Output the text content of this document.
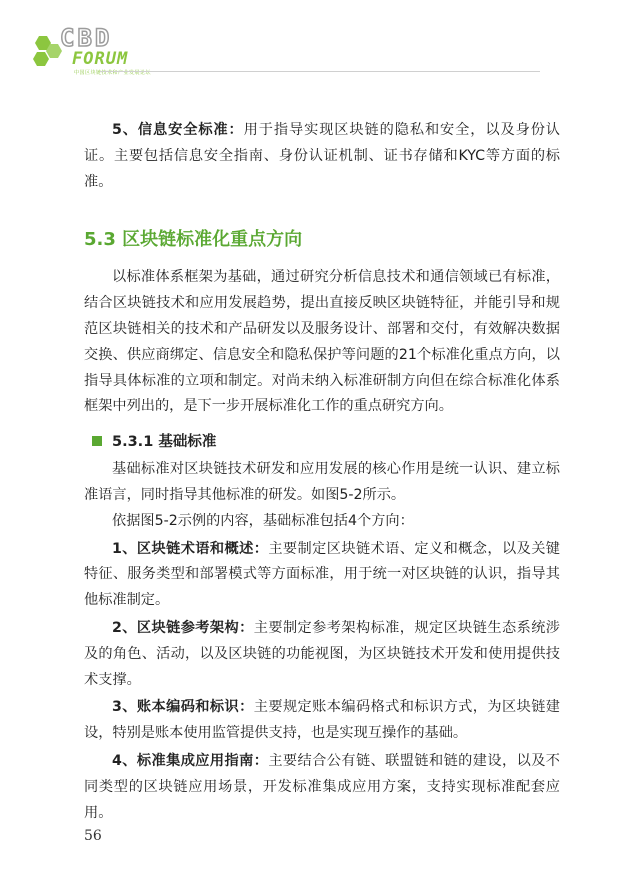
CBD
FORUM
中国区块链技术和产业发展论坛

5、信息安全标准：用于指导实现区块链的隐私和安全，以及身份认证。主要包括信息安全指南、身份认证机制、证书存储和KYC等方面的标准。

5.3 区块链标准化重点方向

以标准体系框架为基础，通过研究分析信息技术和通信领域已有标准，结合区块链技术和应用发展趋势，提出直接反映区块链特征，并能引导和规范区块链相关的技术和产品研发以及服务设计、部署和交付，有效解决数据交换、供应商绑定、信息安全和隐私保护等问题的21个标准化重点方向，以指导具体标准的立项和制定。对尚未纳入标准研制方向但在综合标准化体系框架中列出的，是下一步开展标准化工作的重点研究方向。

5.3.1 基础标准

基础标准对区块链技术研发和应用发展的核心作用是统一认识、建立标准语言，同时指导其他标准的研发。如图5-2所示。

依据图5-2示例的内容，基础标准包括4个方向：

1、区块链术语和概述：主要制定区块链术语、定义和概念，以及关键特征、服务类型和部署模式等方面标准，用于统一对区块链的认识，指导其他标准制定。

2、区块链参考架构：主要制定参考架构标准，规定区块链生态系统涉及的角色、活动，以及区块链的功能视图，为区块链技术开发和使用提供技术支撑。

3、账本编码和标识：主要规定账本编码格式和标识方式，为区块链建设，特别是账本使用监管提供支持，也是实现互操作的基础。

4、标准集成应用指南：主要结合公有链、联盟链和链的建设，以及不同类型的区块链应用场景，开发标准集成应用方案，支持实现标准配套应用。

56
